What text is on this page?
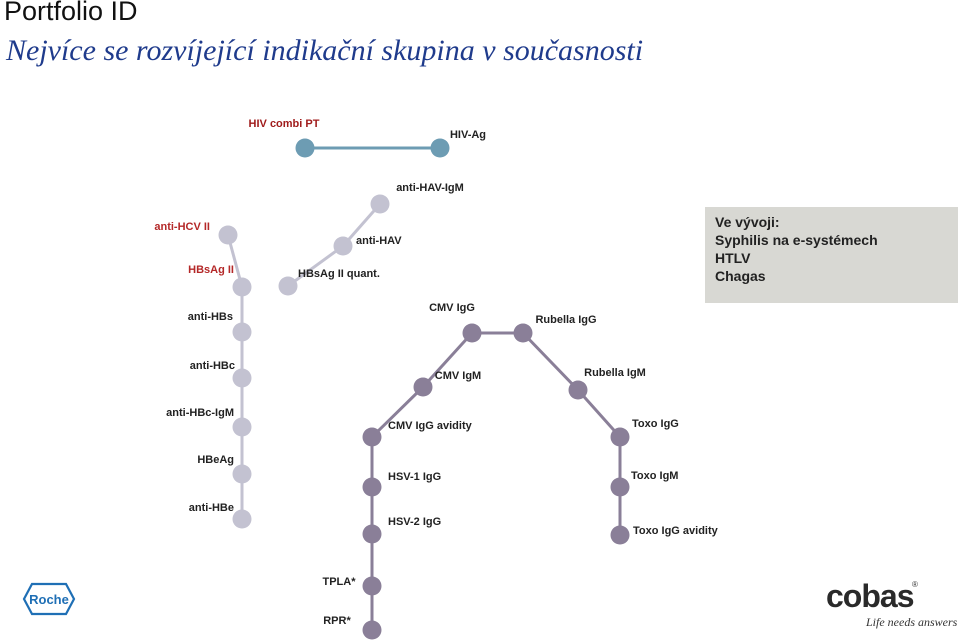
Portfolio ID
Nejvíce se rozvíjející indikační skupina v současnosti
HIV combi PT
HIV-Ag
anti-HCV II
HBsAg II	HBsAg II quant.
anti-HAV
anti-HAV-IgM
anti-HBs
anti-HBc
anti-HBc-IgM
HBeAg
anti-HBe
CMV IgG
Rubella IgG
CMV IgM	Rubella IgM
CMV IgG avidity	Toxo IgG
HSV-1 IgG	Toxo IgM
HSV-2 IgG
Toxo IgG avidity
TPLA*
RPR*
Ve vývoji:
Syphilis na e-systémech
HTLV
Chagas
Roche	cobas
®
Life needs answers
